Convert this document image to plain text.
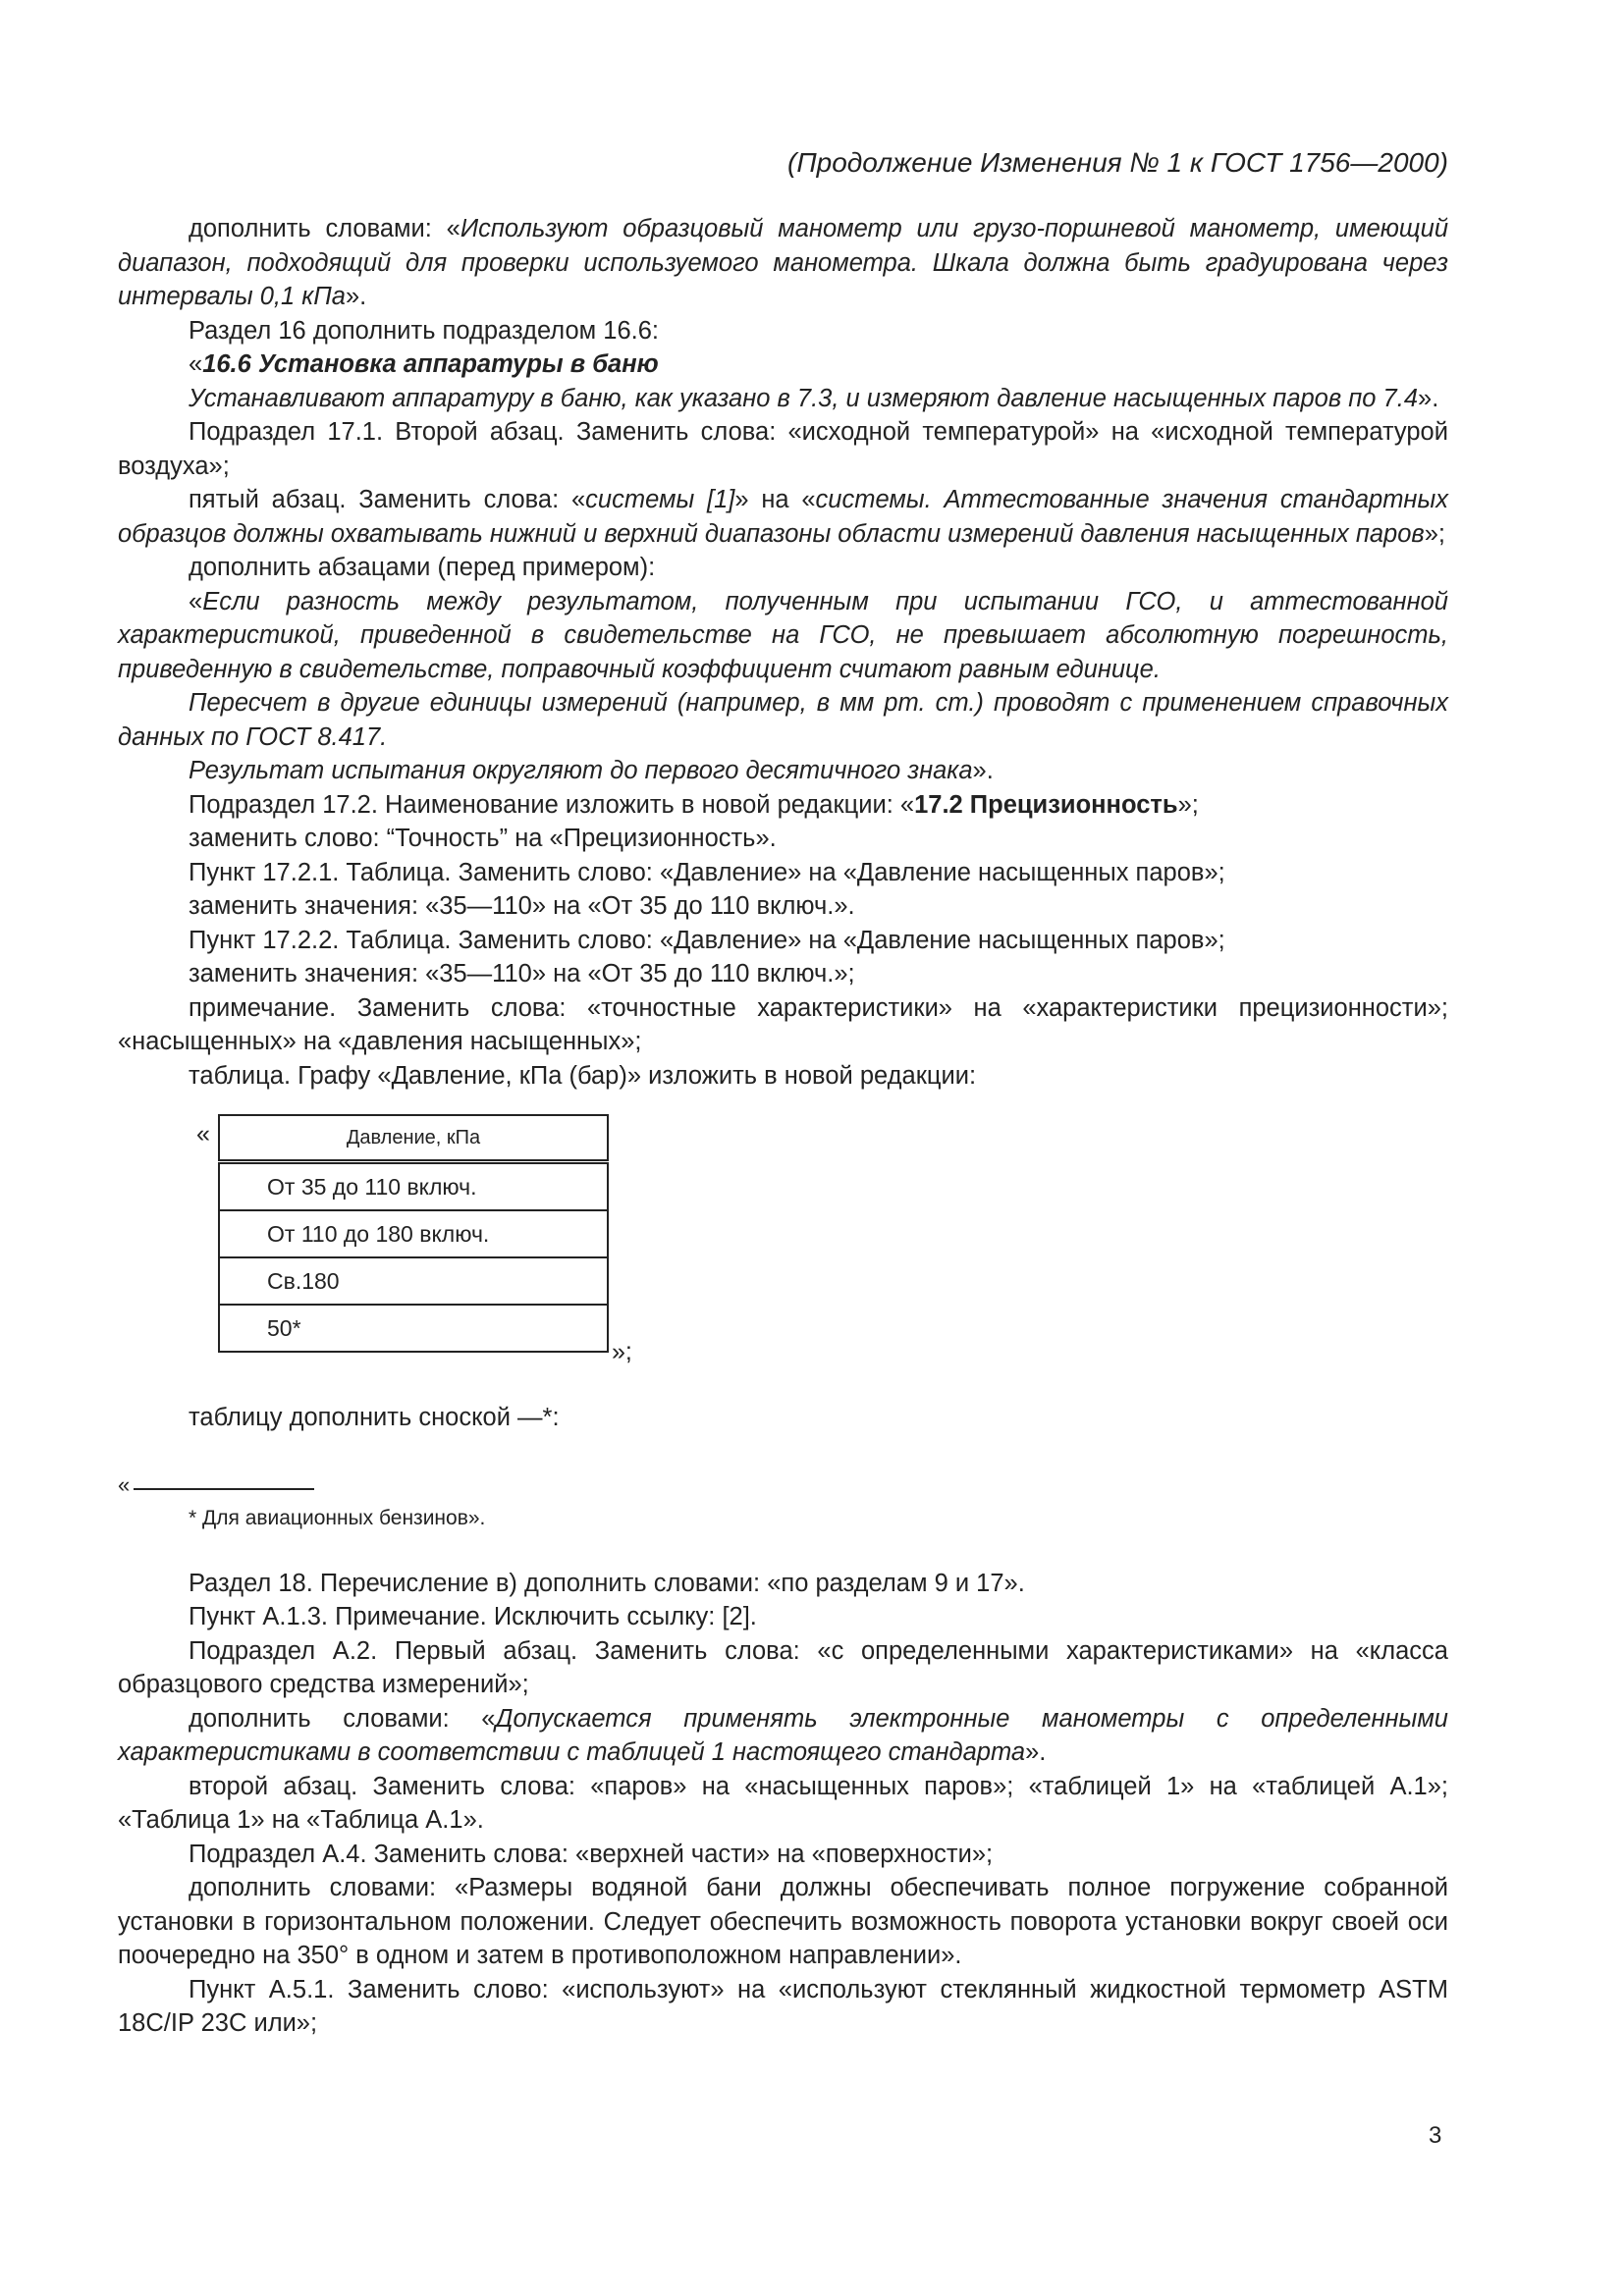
(Продолжение Изменения № 1 к ГОСТ 1756—2000)

дополнить словами: «Используют образцовый манометр или грузо-поршневой манометр, имеющий диапазон, подходящий для проверки используемого манометра. Шкала должна быть градуирована через интервалы 0,1 кПа».

Раздел 16 дополнить подразделом 16.6:

«16.6 Установка аппаратуры в баню

Устанавливают аппаратуру в баню, как указано в 7.3, и измеряют давление насыщенных паров по 7.4».

Подраздел 17.1. Второй абзац. Заменить слова: «исходной температурой» на «исходной температурой воздуха»;

пятый абзац. Заменить слова: «системы [1]» на «системы. Аттестованные значения стандартных образцов должны охватывать нижний и верхний диапазоны области измерений давления насыщенных паров»;

дополнить абзацами (перед примером):

«Если разность между результатом, полученным при испытании ГСО, и аттестованной характеристикой, приведенной в свидетельстве на ГСО, не превышает абсолютную погрешность, приведенную в свидетельстве, поправочный коэффициент считают равным единице.

Пересчет в другие единицы измерений (например, в мм рт. ст.) проводят с применением справочных данных по ГОСТ 8.417.

Результат испытания округляют до первого десятичного знака».

Подраздел 17.2. Наименование изложить в новой редакции: «17.2 Прецизионность»;

заменить слово: “Точность” на «Прецизионность».

Пункт 17.2.1. Таблица. Заменить слово: «Давление» на «Давление насыщенных паров»;

заменить значения: «35—110» на «От 35 до 110 включ.».

Пункт 17.2.2. Таблица. Заменить слово: «Давление» на «Давление насыщенных паров»;

заменить значения: «35—110» на «От 35 до 110 включ.»;

примечание. Заменить слова: «точностные характеристики» на «характеристики прецизионности»; «насыщенных» на «давления насыщенных»;

таблица. Графу «Давление, кПа (бар)» изложить в новой редакции:

«	Давление, кПа
От 35 до 110 включ.
От 110 до 180 включ.
Св.180
50*
»;

таблицу дополнить сноской —*:

«
* Для авиационных бензинов».

Раздел 18. Перечисление в) дополнить словами: «по разделам 9 и 17».

Пункт А.1.3. Примечание. Исключить ссылку: [2].

Подраздел А.2. Первый абзац. Заменить слова: «с определенными характеристиками» на «класса образцового средства измерений»;

дополнить словами: «Допускается применять электронные манометры с определенными характеристиками в соответствии с таблицей 1 настоящего стандарта».

второй абзац. Заменить слова: «паров» на «насыщенных паров»; «таблицей 1» на «таблицей А.1»; «Таблица 1» на «Таблица А.1».

Подраздел А.4. Заменить слова: «верхней части» на «поверхности»;

дополнить словами: «Размеры водяной бани должны обеспечивать полное погружение собранной установки в горизонтальном положении. Следует обеспечить возможность поворота установки вокруг своей оси поочередно на 350° в одном и затем в противоположном направлении».

Пункт А.5.1. Заменить слово: «используют» на «используют стеклянный жидкостной термометр ASTM 18C/IP 23C или»;

3
